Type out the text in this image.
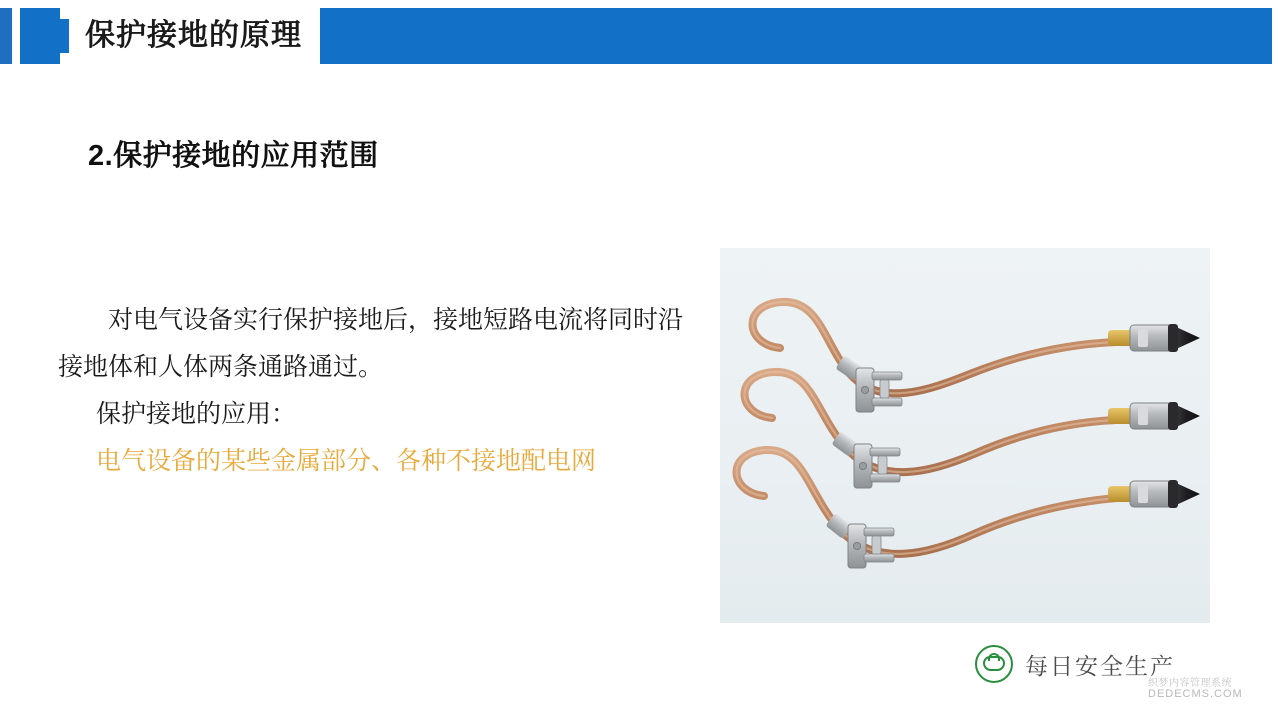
保护接地的原理
2.保护接地的应用范围

对电气设备实行保护接地后，接地短路电流将同时沿接地体和人体两条通路通过。

保护接地的应用：

电气设备的某些金属部分、各种不接地配电网

每日安全生产
织梦内容管理系统
DEDECMS.COM
